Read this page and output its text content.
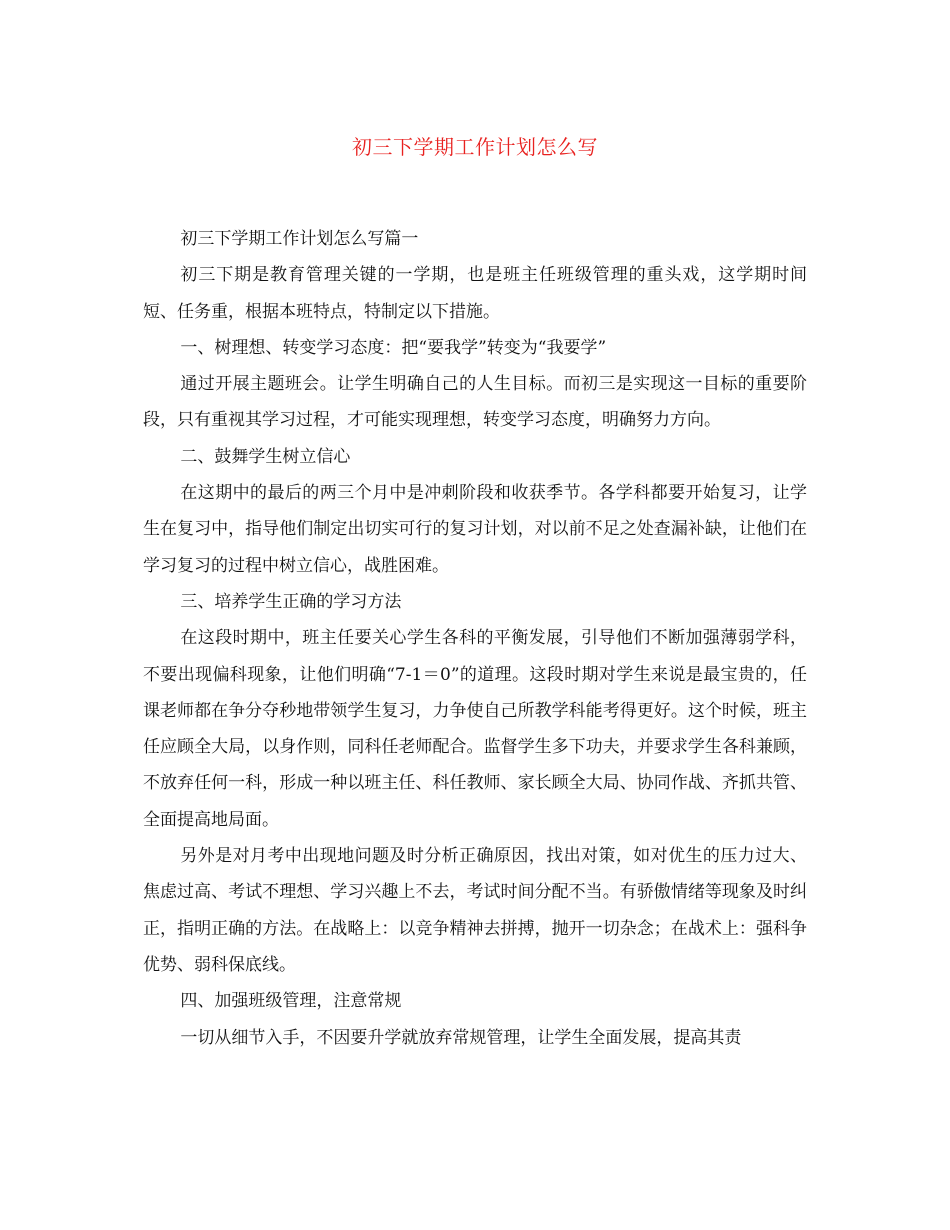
初三下学期工作计划怎么写

初三下学期工作计划怎么写篇一

初三下期是教育管理关键的一学期，也是班主任班级管理的重头戏，这学期时间短、任务重，根据本班特点，特制定以下措施。

一、树理想、转变学习态度：把“要我学”转变为“我要学”

通过开展主题班会。让学生明确自己的人生目标。而初三是实现这一目标的重要阶段，只有重视其学习过程，才可能实现理想，转变学习态度，明确努力方向。

二、鼓舞学生树立信心

在这期中的最后的两三个月中是冲刺阶段和收获季节。各学科都要开始复习，让学生在复习中，指导他们制定出切实可行的复习计划，对以前不足之处查漏补缺，让他们在学习复习的过程中树立信心，战胜困难。

三、培养学生正确的学习方法

在这段时期中，班主任要关心学生各科的平衡发展，引导他们不断加强薄弱学科，不要出现偏科现象，让他们明确“7-1＝0”的道理。这段时期对学生来说是最宝贵的，任课老师都在争分夺秒地带领学生复习，力争使自己所教学科能考得更好。这个时候，班主任应顾全大局，以身作则，同科任老师配合。监督学生多下功夫，并要求学生各科兼顾，不放弃任何一科，形成一种以班主任、科任教师、家长顾全大局、协同作战、齐抓共管、全面提高地局面。

另外是对月考中出现地问题及时分析正确原因，找出对策，如对优生的压力过大、焦虑过高、考试不理想、学习兴趣上不去，考试时间分配不当。有骄傲情绪等现象及时纠正，指明正确的方法。在战略上：以竞争精神去拼搏，抛开一切杂念；在战术上：强科争优势、弱科保底线。

四、加强班级管理，注意常规

一切从细节入手，不因要升学就放弃常规管理，让学生全面发展，提高其责
